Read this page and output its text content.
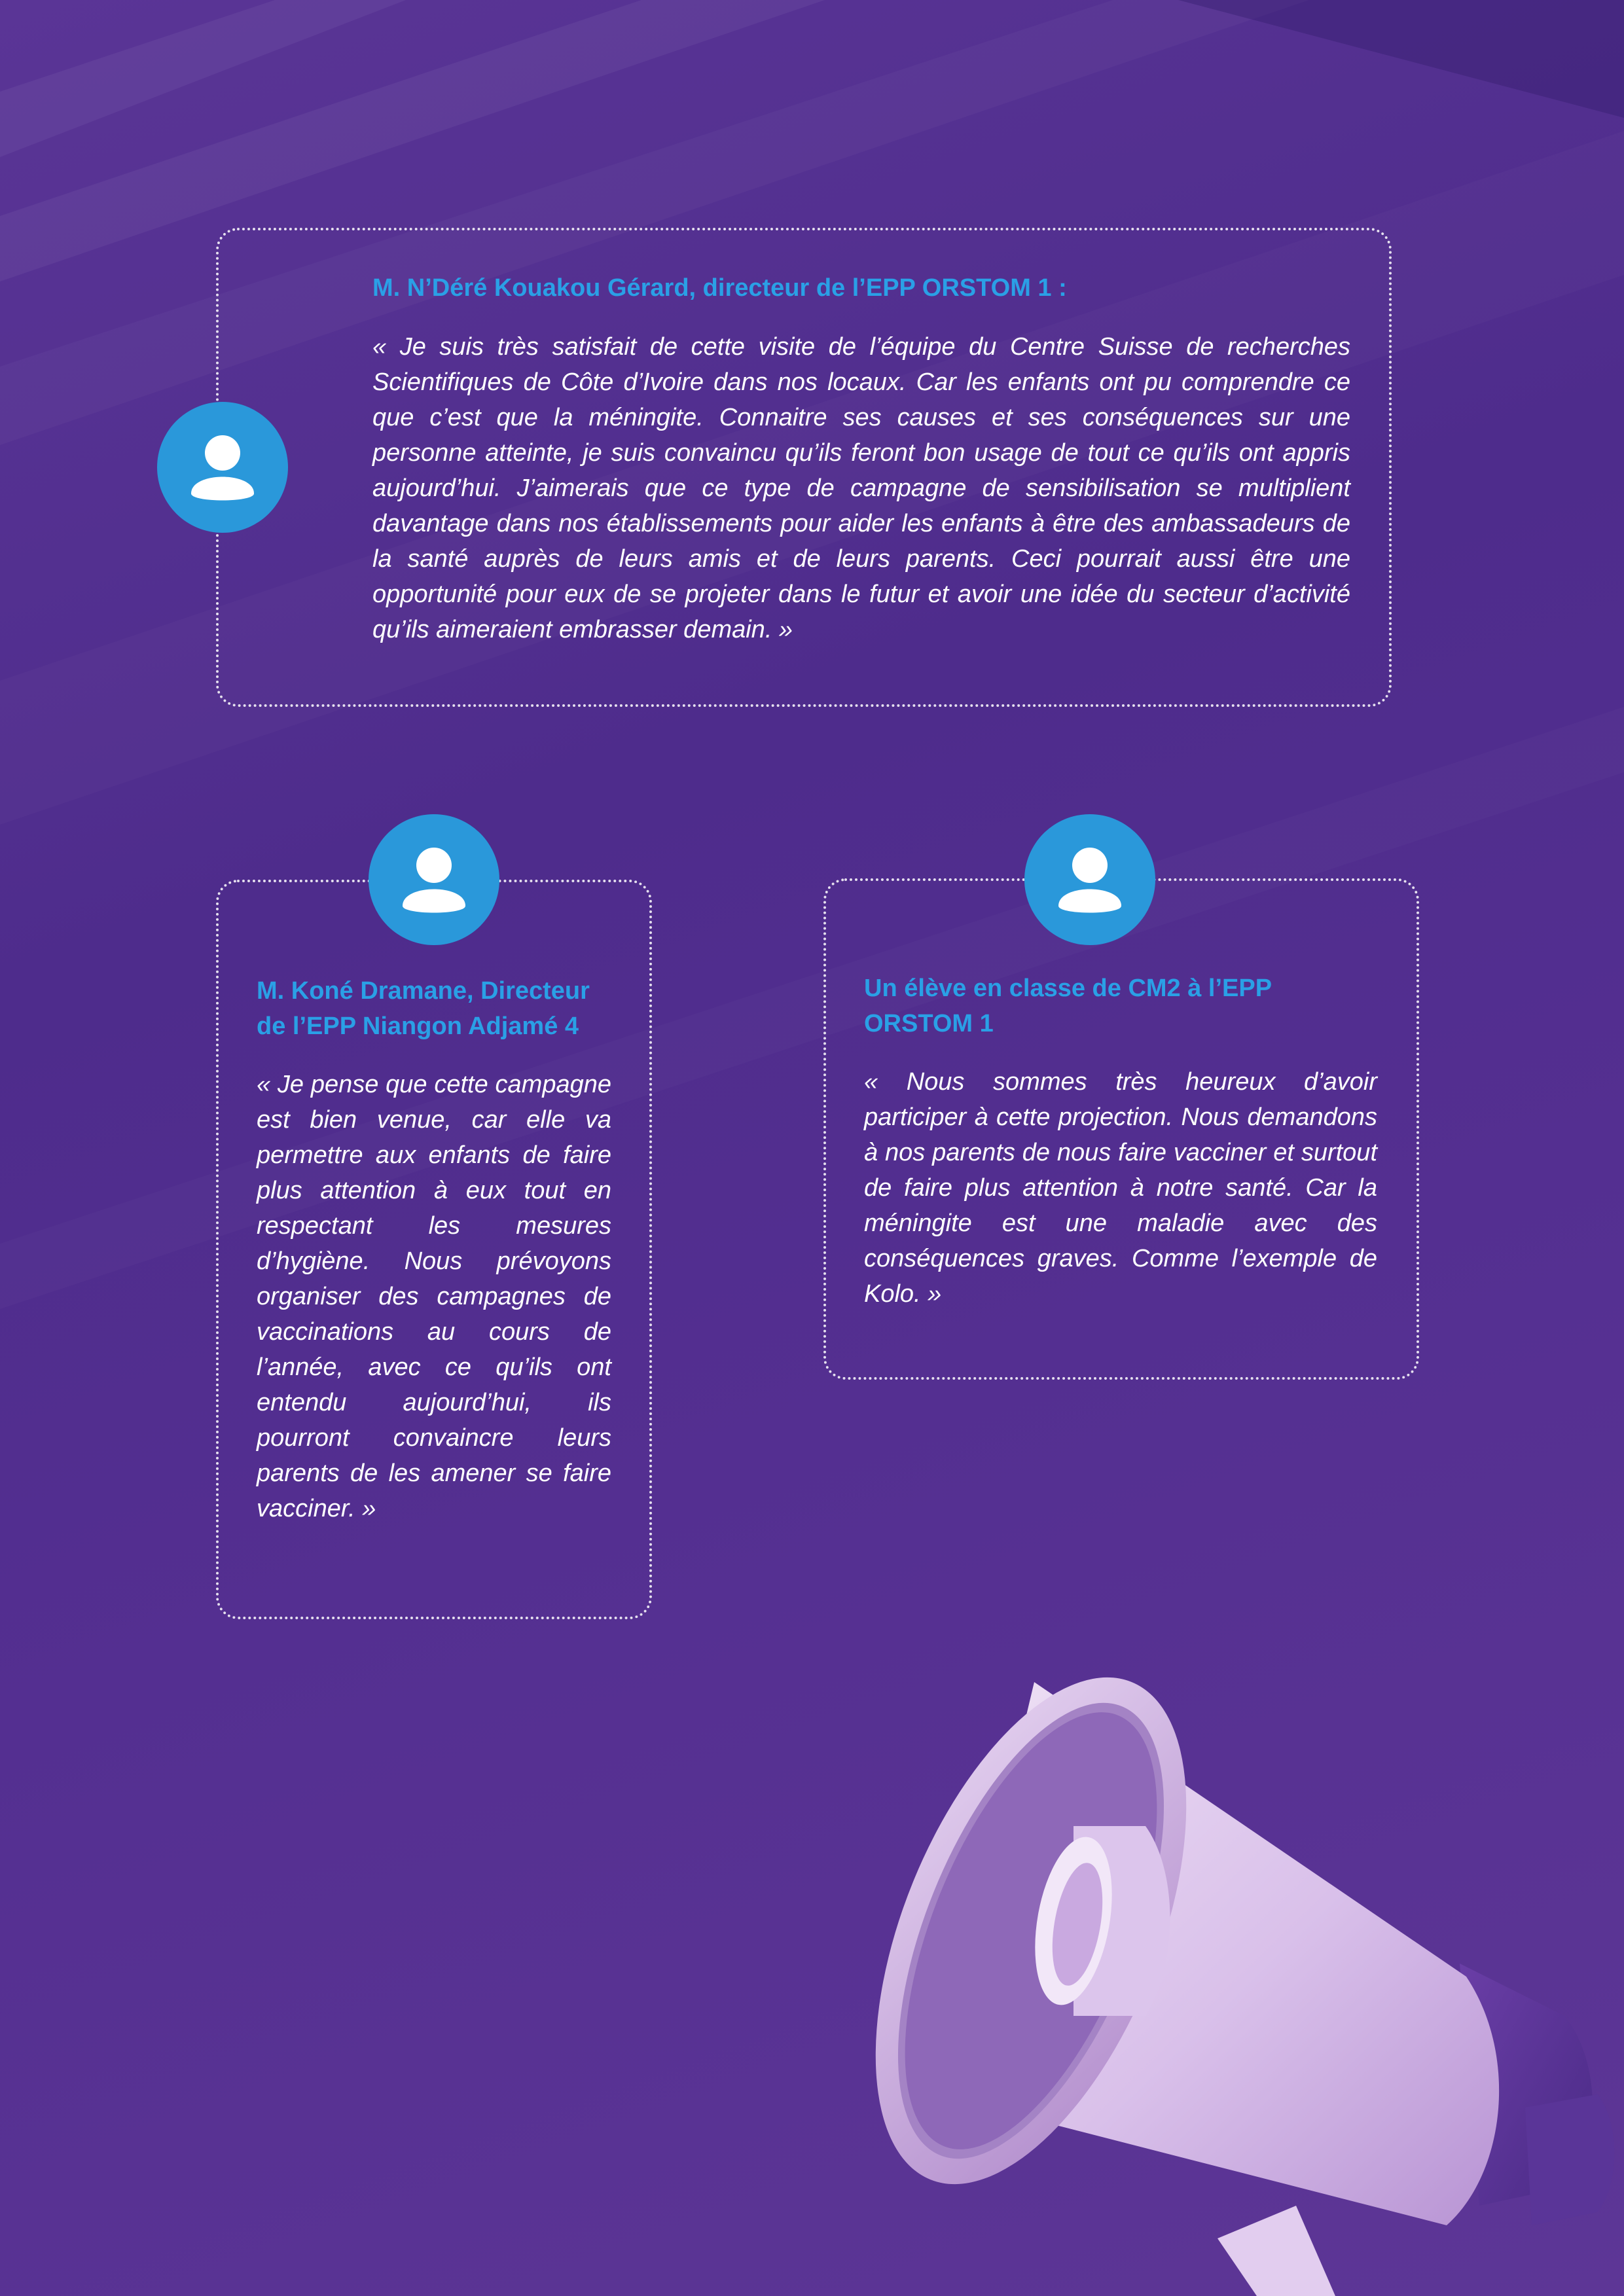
M. N’Déré Kouakou Gérard, directeur de l’EPP ORSTOM 1 :

« Je suis très satisfait de cette visite de l’équipe du Centre Suisse de recherches Scientifiques de Côte d’Ivoire dans nos locaux. Car les enfants ont pu comprendre ce que c’est que la méningite. Connaitre ses causes et ses conséquences sur une personne atteinte, je suis convaincu qu’ils feront bon usage de tout ce qu’ils ont appris aujourd’hui. J’aimerais que ce type de campagne de sensibilisation se multiplient davantage dans nos établissements pour aider les enfants à être des ambassadeurs de la santé auprès de leurs amis et de leurs parents. Ceci pourrait aussi être une opportunité pour eux de se projeter dans le futur et avoir une idée du secteur d’activité qu’ils aimeraient embrasser demain. »

M. Koné Dramane, Directeur de l’EPP Niangon Adjamé 4

« Je pense que cette campagne est bien venue, car elle va permettre aux enfants de faire plus attention à eux tout en respectant les mesures d’hygiène. Nous prévoyons organiser des campagnes de vaccinations au cours de l’année, avec ce qu’ils ont entendu aujourd’hui, ils pourront convaincre leurs parents de les amener se faire vacciner. »

Un élève en classe de CM2 à l’EPP ORSTOM 1

« Nous sommes très heureux d’avoir participer à cette projection. Nous demandons à nos parents de nous faire vacciner et surtout de faire plus attention à notre santé. Car la méningite est une maladie avec des conséquences graves. Comme l’exemple de Kolo. »
